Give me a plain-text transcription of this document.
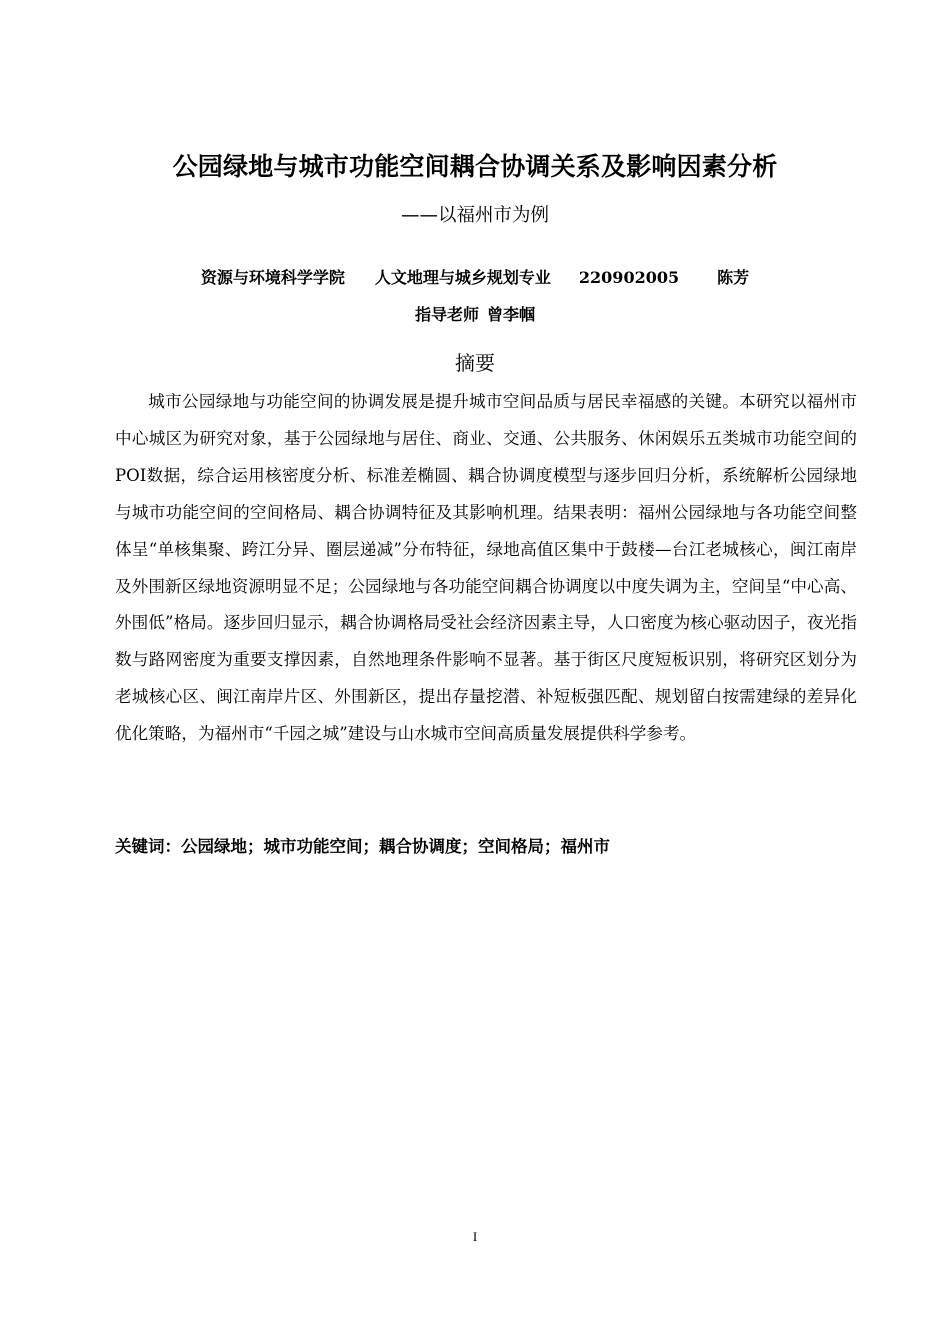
公园绿地与城市功能空间耦合协调关系及影响因素分析
——以福州市为例
资源与环境科学学院 人文地理与城乡规划专业 220902005 陈芳
指导老师 曾李帼
摘要

城市公园绿地与功能空间的协调发展是提升城市空间品质与居民幸福感的关键。本研究以福州市中心城区为研究对象，基于公园绿地与居住、商业、交通、公共服务、休闲娱乐五类城市功能空间的POI数据，综合运用核密度分析、标准差椭圆、耦合协调度模型与逐步回归分析，系统解析公园绿地与城市功能空间的空间格局、耦合协调特征及其影响机理。结果表明：福州公园绿地与各功能空间整体呈“单核集聚、跨江分异、圈层递减”分布特征，绿地高值区集中于鼓楼—台江老城核心，闽江南岸及外围新区绿地资源明显不足；公园绿地与各功能空间耦合协调度以中度失调为主，空间呈“中心高、外围低”格局。逐步回归显示，耦合协调格局受社会经济因素主导，人口密度为核心驱动因子，夜光指数与路网密度为重要支撑因素，自然地理条件影响不显著。基于街区尺度短板识别，将研究区划分为老城核心区、闽江南岸片区、外围新区，提出存量挖潜、补短板强匹配、规划留白按需建绿的差异化优化策略，为福州市“千园之城”建设与山水城市空间高质量发展提供科学参考。

关键词：公园绿地；城市功能空间；耦合协调度；空间格局；福州市
I
